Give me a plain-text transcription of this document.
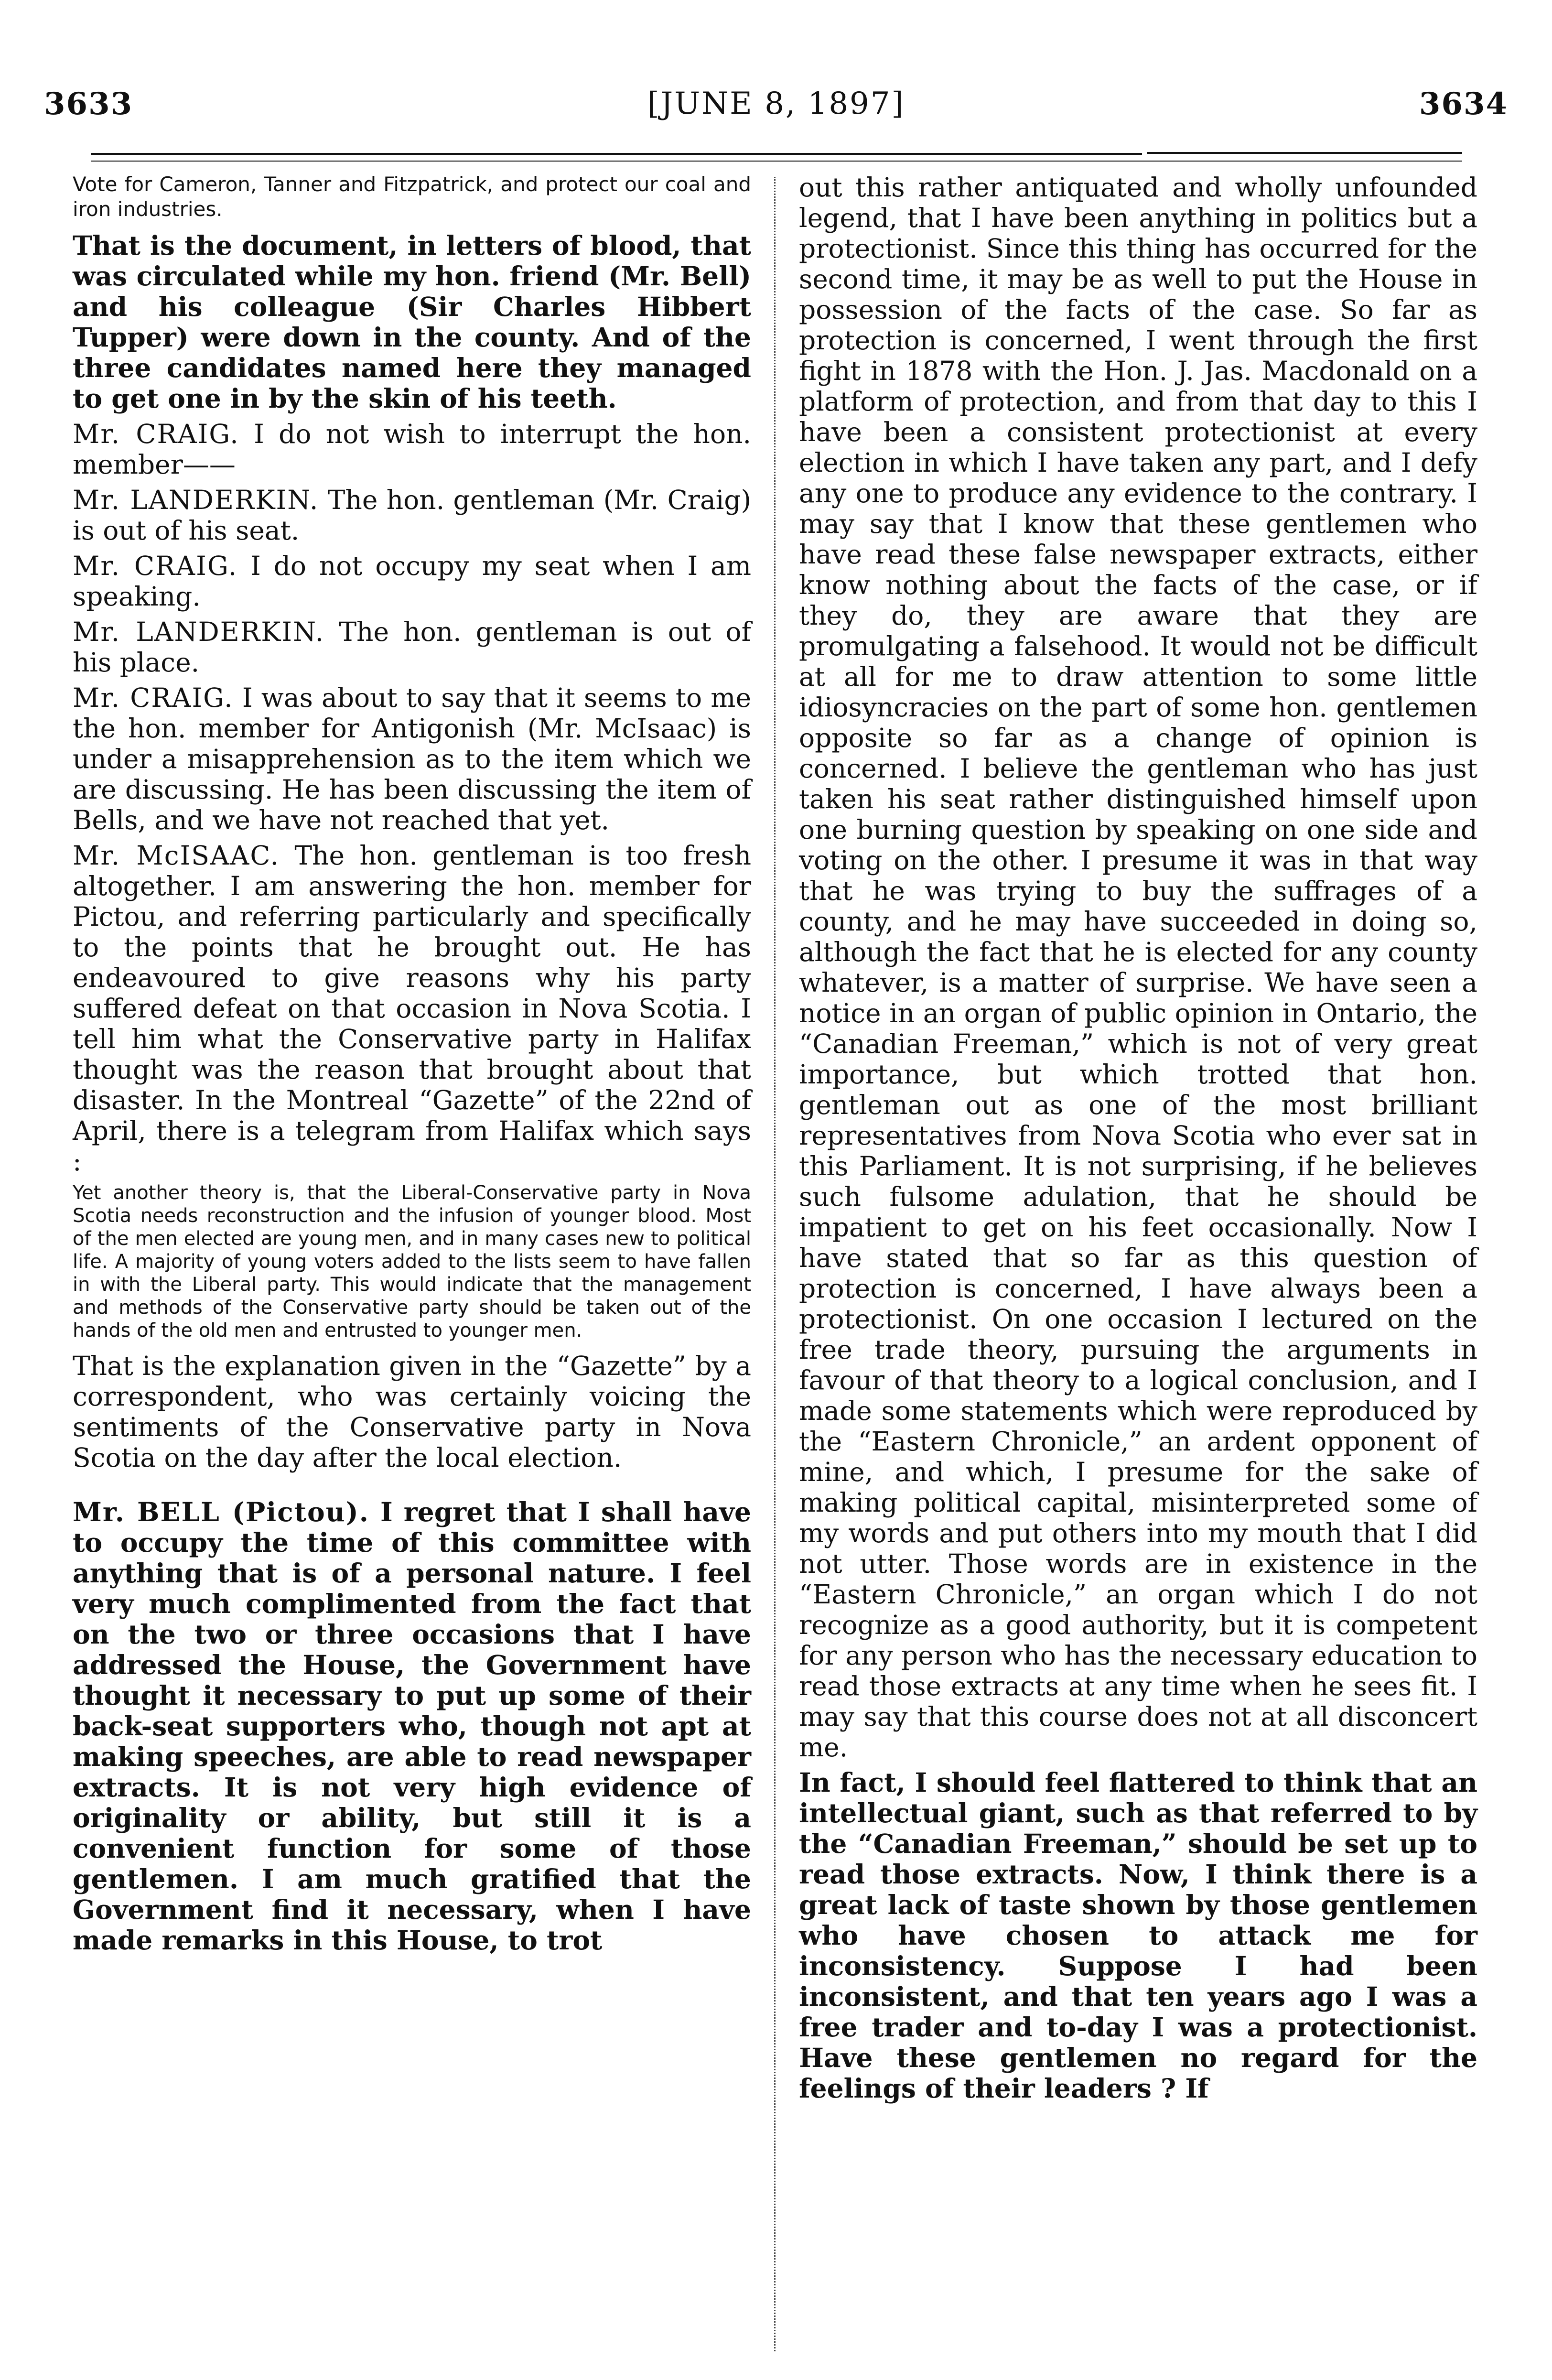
3633	[JUNE 8, 1897]	3634

Vote for Cameron, Tanner and Fitzpatrick, and protect our coal and iron industries.

That is the document, in letters of blood, that was circulated while my hon. friend (Mr. Bell) and his colleague (Sir Charles Hibbert Tupper) were down in the county. And of the three candidates named here they managed to get one in by the skin of his teeth.

Mr. CRAIG. I do not wish to interrupt the hon. member——

Mr. LANDERKIN. The hon. gentleman (Mr. Craig) is out of his seat.

Mr. CRAIG. I do not occupy my seat when I am speaking.

Mr. LANDERKIN. The hon. gentleman is out of his place.

Mr. CRAIG. I was about to say that it seems to me the hon. member for Antigonish (Mr. McIsaac) is under a misapprehension as to the item which we are discussing. He has been discussing the item of Bells, and we have not reached that yet.

Mr. McISAAC. The hon. gentleman is too fresh altogether. I am answering the hon. member for Pictou, and referring particularly and specifically to the points that he brought out. He has endeavoured to give reasons why his party suffered defeat on that occasion in Nova Scotia. I tell him what the Conservative party in Halifax thought was the reason that brought about that disaster. In the Montreal “Gazette” of the 22nd of April, there is a telegram from Halifax which says :

Yet another theory is, that the Liberal-Conservative party in Nova Scotia needs reconstruction and the infusion of younger blood. Most of the men elected are young men, and in many cases new to political life. A majority of young voters added to the lists seem to have fallen in with the Liberal party. This would indicate that the management and methods of the Conservative party should be taken out of the hands of the old men and entrusted to younger men.

That is the explanation given in the “Gazette” by a correspondent, who was certainly voicing the sentiments of the Conservative party in Nova Scotia on the day after the local election.

Mr. BELL (Pictou). I regret that I shall have to occupy the time of this committee with anything that is of a personal nature. I feel very much complimented from the fact that on the two or three occasions that I have addressed the House, the Government have thought it necessary to put up some of their back-seat supporters who, though not apt at making speeches, are able to read newspaper extracts. It is not very high evidence of originality or ability, but still it is a convenient function for some of those gentlemen. I am much gratified that the Government find it necessary, when I have made remarks in this House, to trot

out this rather antiquated and wholly unfounded legend, that I have been anything in politics but a protectionist. Since this thing has occurred for the second time, it may be as well to put the House in possession of the facts of the case. So far as protection is concerned, I went through the first fight in 1878 with the Hon. J. Jas. Macdonald on a platform of protection, and from that day to this I have been a consistent protectionist at every election in which I have taken any part, and I defy any one to produce any evidence to the contrary. I may say that I know that these gentlemen who have read these false newspaper extracts, either know nothing about the facts of the case, or if they do, they are aware that they are promulgating a falsehood. It would not be difficult at all for me to draw attention to some little idiosyncracies on the part of some hon. gentlemen opposite so far as a change of opinion is concerned. I believe the gentleman who has just taken his seat rather distinguished himself upon one burning question by speaking on one side and voting on the other. I presume it was in that way that he was trying to buy the suffrages of a county, and he may have succeeded in doing so, although the fact that he is elected for any county whatever, is a matter of surprise. We have seen a notice in an organ of public opinion in Ontario, the “Canadian Freeman,” which is not of very great importance, but which trotted that hon. gentleman out as one of the most brilliant representatives from Nova Scotia who ever sat in this Parliament. It is not surprising, if he believes such fulsome adulation, that he should be impatient to get on his feet occasionally. Now I have stated that so far as this question of protection is concerned, I have always been a protectionist. On one occasion I lectured on the free trade theory, pursuing the arguments in favour of that theory to a logical conclusion, and I made some statements which were reproduced by the “Eastern Chronicle,” an ardent opponent of mine, and which, I presume for the sake of making political capital, misinterpreted some of my words and put others into my mouth that I did not utter. Those words are in existence in the “Eastern Chronicle,” an organ which I do not recognize as a good authority, but it is competent for any person who has the necessary education to read those extracts at any time when he sees fit. I may say that this course does not at all disconcert me.

In fact, I should feel flattered to think that an intellectual giant, such as that referred to by the “Canadian Freeman,” should be set up to read those extracts. Now, I think there is a great lack of taste shown by those gentlemen who have chosen to attack me for inconsistency. Suppose I had been inconsistent, and that ten years ago I was a free trader and to-day I was a protectionist. Have these gentlemen no regard for the feelings of their leaders ? If
